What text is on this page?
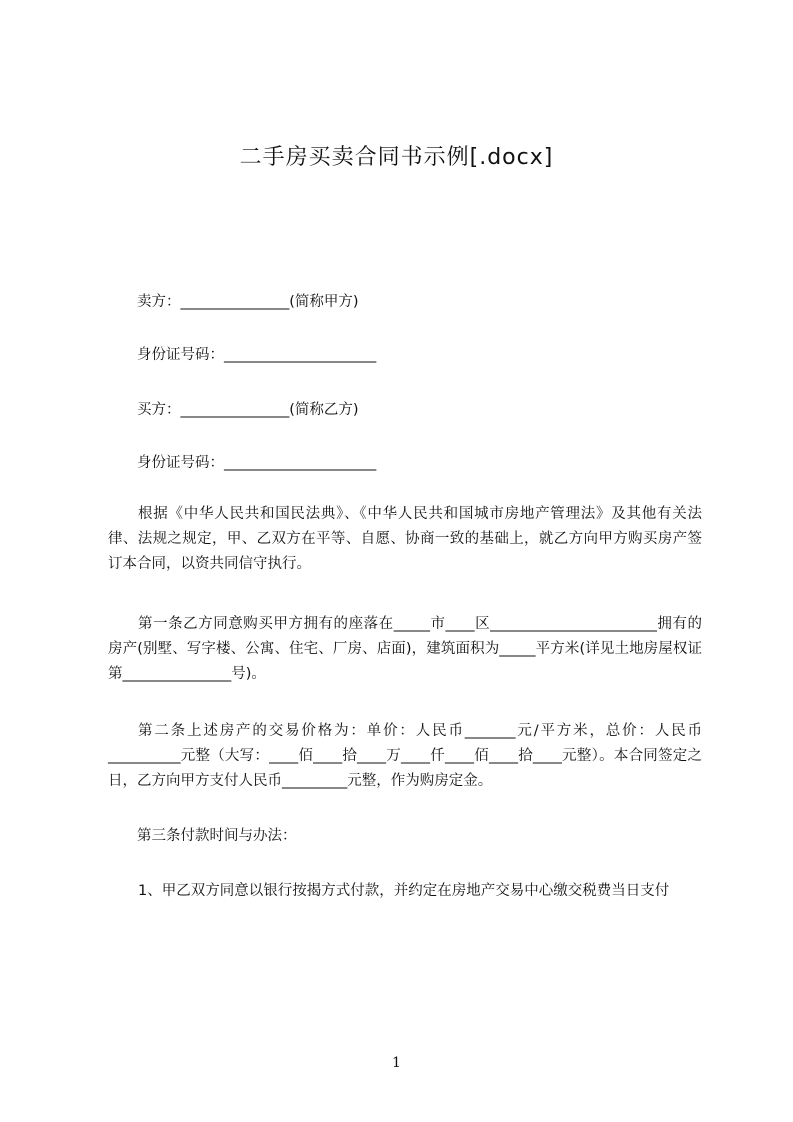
二手房买卖合同书示例[.docx]

卖方：_______________(简称甲方)

身份证号码：_____________________

买方：_______________(简称乙方)

身份证号码：_____________________

根据《中华人民共和国民法典》、《中华人民共和国城市房地产管理法》及其他有关法律、法规之规定，甲、乙双方在平等、自愿、协商一致的基础上，就乙方向甲方购买房产签订本合同，以资共同信守执行。

第一条乙方同意购买甲方拥有的座落在_____市____区_______________________拥有的房产(别墅、写字楼、公寓、住宅、厂房、店面)，建筑面积为_____平方米(详见土地房屋权证第_______________号)。

第二条上述房产的交易价格为：单价：人民币_______元/平方米，总价：人民币__________元整（大写：____佰____拾____万____仟____佰____拾____元整）。本合同签定之日，乙方向甲方支付人民币_________元整，作为购房定金。

第三条付款时间与办法：

1、甲乙双方同意以银行按揭方式付款，并约定在房地产交易中心缴交税费当日支付

1
